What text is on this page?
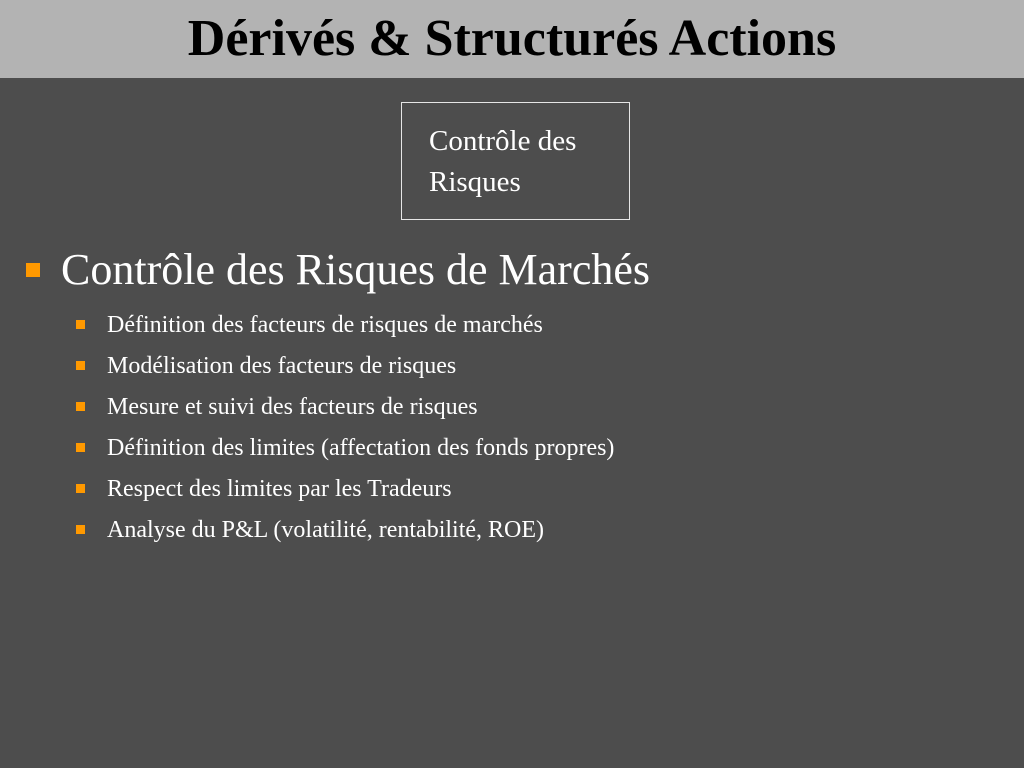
Dérivés & Structurés Actions
Contrôle des
Risques
Contrôle des Risques de Marchés
Définition des facteurs de risques de marchés
Modélisation des facteurs de risques
Mesure et suivi des facteurs de risques
Définition des limites (affectation des fonds propres)
Respect des limites par les Tradeurs
Analyse du P&L (volatilité, rentabilité, ROE)
